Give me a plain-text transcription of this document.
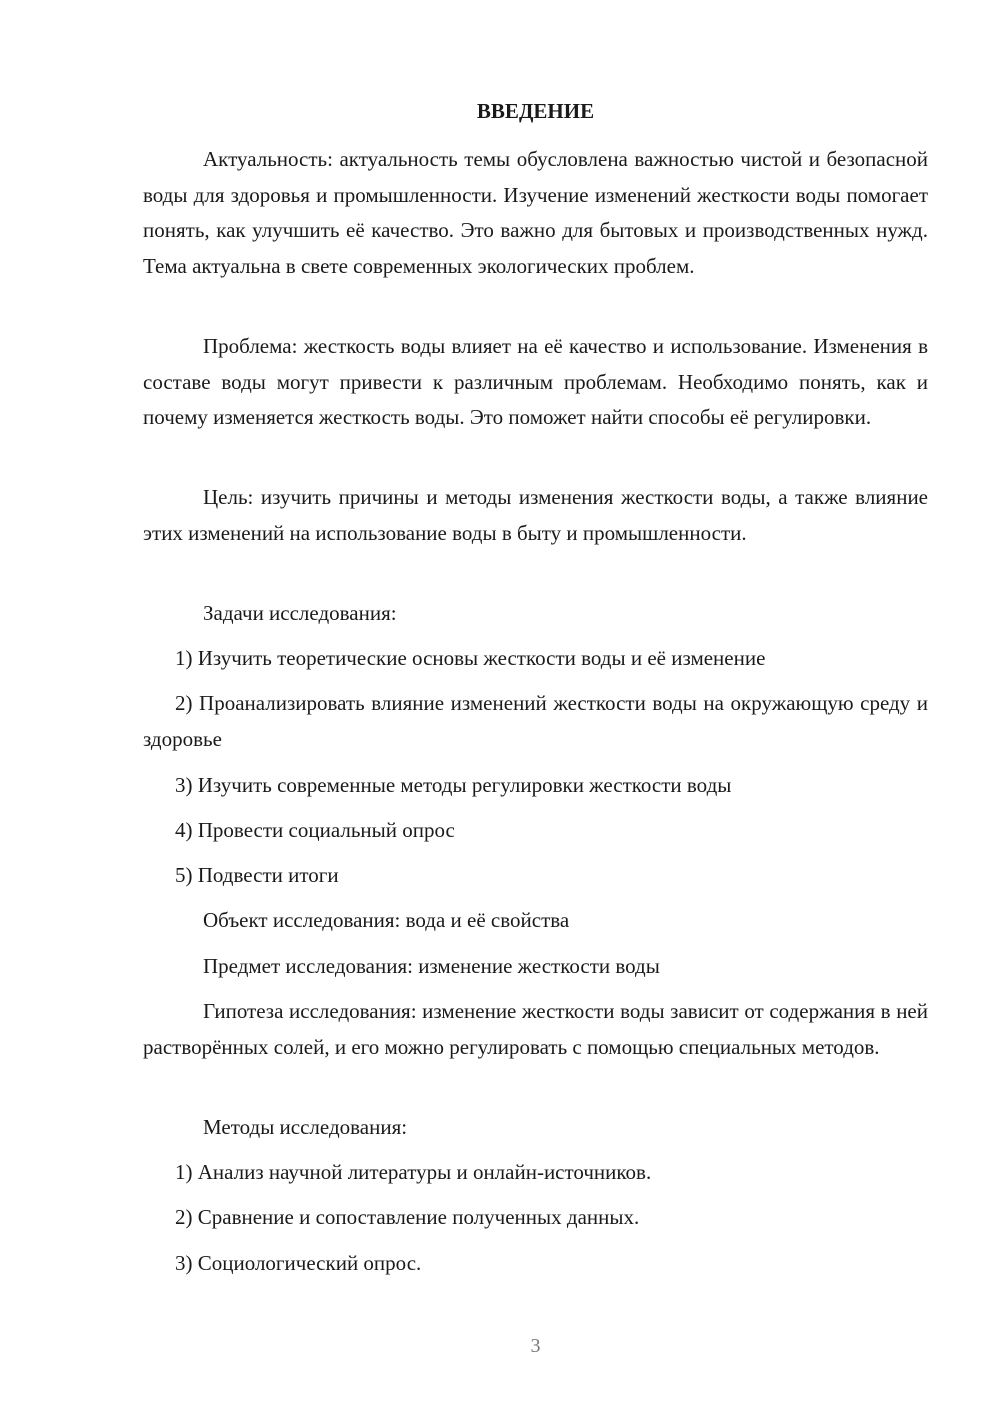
ВВЕДЕНИЕ

Актуальность: актуальность темы обусловлена важностью чистой и безопасной воды для здоровья и промышленности. Изучение изменений жесткости воды помогает понять, как улучшить её качество. Это важно для бытовых и производственных нужд. Тема актуальна в свете современных экологических проблем.

Проблема: жесткость воды влияет на её качество и использование. Изменения в составе воды могут привести к различным проблемам. Необходимо понять, как и почему изменяется жесткость воды. Это поможет найти способы её регулировки.

Цель: изучить причины и методы изменения жесткости воды, а также влияние этих изменений на использование воды в быту и промышленности.

Задачи исследования:

1) Изучить теоретические основы жесткости воды и её изменение

2) Проанализировать влияние изменений жесткости воды на окружающую среду и здоровье

3) Изучить современные методы регулировки жесткости воды

4) Провести социальный опрос

5) Подвести итоги

Объект исследования: вода и её свойства

Предмет исследования: изменение жесткости воды

Гипотеза исследования: изменение жесткости воды зависит от содержания в ней растворённых солей, и его можно регулировать с помощью специальных методов.

Методы исследования:

1) Анализ научной литературы и онлайн-источников.

2) Сравнение и сопоставление полученных данных.

3) Социологический опрос.

3
